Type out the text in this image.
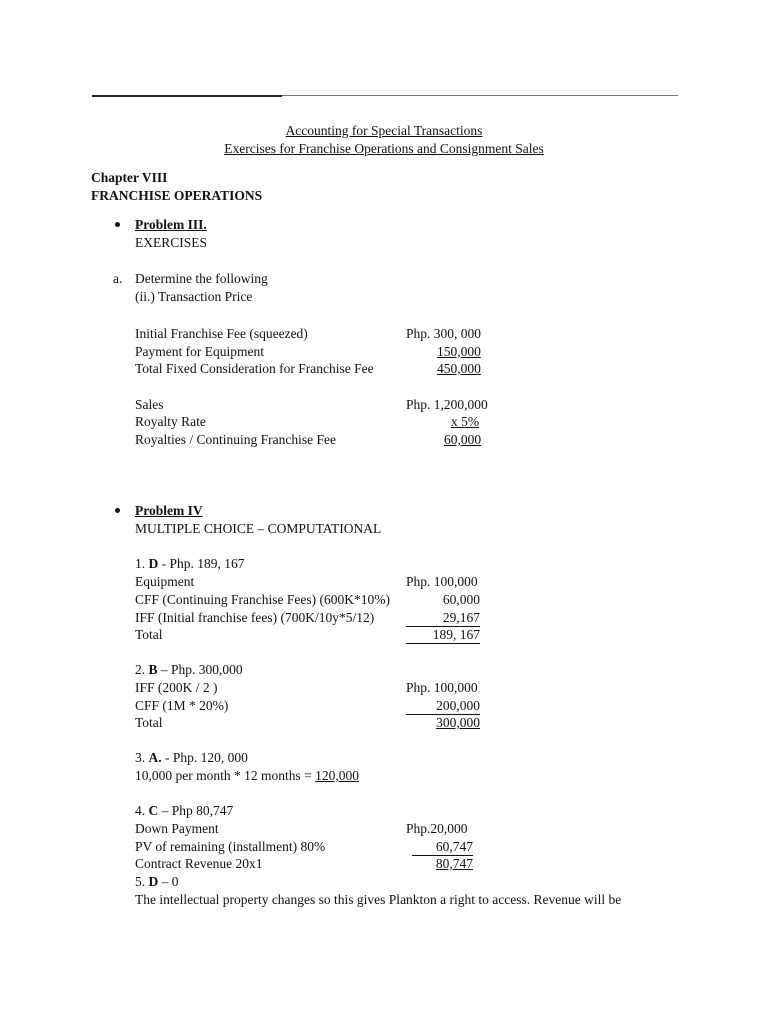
Accounting for Special Transactions
Exercises for Franchise Operations and Consignment Sales
Chapter VIII
FRANCHISE OPERATIONS
Problem III.
EXERCISES
a. Determine the following
(ii.) Transaction Price
Initial Franchise Fee (squeezed)	Php. 300, 000
Payment for Equipment	150,000
Total Fixed Consideration for Franchise Fee	450,000
Sales	Php. 1,200,000
Royalty Rate	x 5%
Royalties / Continuing Franchise Fee	60,000
Problem IV
MULTIPLE CHOICE – COMPUTATIONAL
1. D - Php. 189, 167
Equipment	Php. 100,000
CFF (Continuing Franchise Fees) (600K*10%)	60,000
IFF (Initial franchise fees) (700K/10y*5/12)	29,167
Total	189, 167
2. B – Php. 300,000
IFF (200K / 2 )	Php. 100,000
CFF (1M * 20%)	200,000
Total	300,000
3. A. - Php. 120, 000
10,000 per month * 12 months = 120,000
4. C – Php 80,747
Down Payment	Php.20,000
PV of remaining (installment) 80%	60,747
Contract Revenue 20x1	80,747
5. D – 0
The intellectual property changes so this gives Plankton a right to access. Revenue will be
